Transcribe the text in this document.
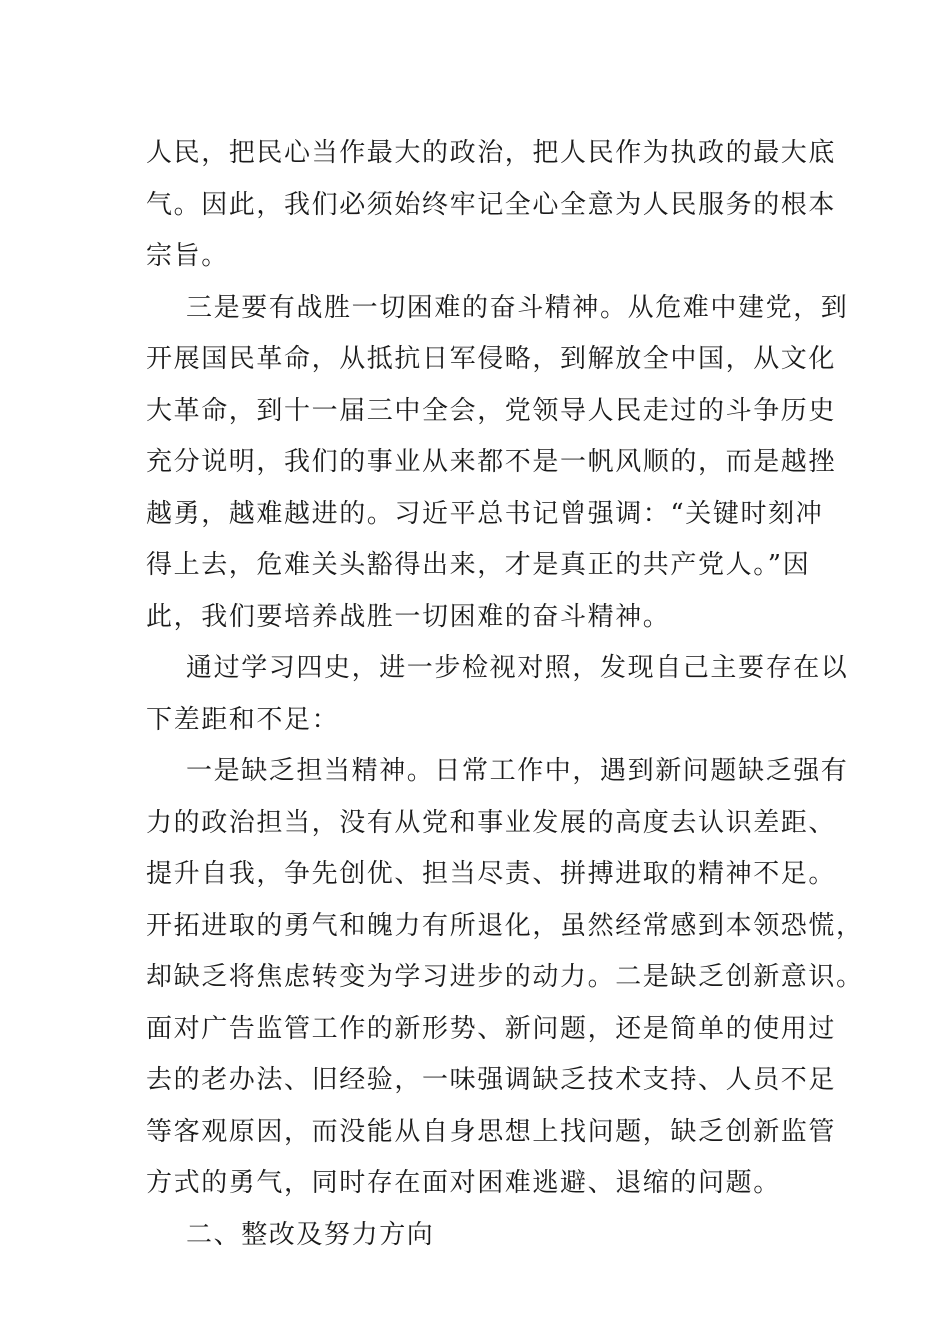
人民，把民心当作最大的政治，把人民作为执政的最大底
气。因此，我们必须始终牢记全心全意为人民服务的根本
宗旨。
三是要有战胜一切困难的奋斗精神。从危难中建党，到
开展国民革命，从抵抗日军侵略，到解放全中国，从文化
大革命，到十一届三中全会，党领导人民走过的斗争历史
充分说明，我们的事业从来都不是一帆风顺的，而是越挫
越勇，越难越进的。习近平总书记曾强调：“关键时刻冲
得上去，危难关头豁得出来，才是真正的共产党人。”因
此，我们要培养战胜一切困难的奋斗精神。
通过学习四史，进一步检视对照，发现自己主要存在以
下差距和不足：
一是缺乏担当精神。日常工作中，遇到新问题缺乏强有
力的政治担当，没有从党和事业发展的高度去认识差距、
提升自我，争先创优、担当尽责、拼搏进取的精神不足。
开拓进取的勇气和魄力有所退化，虽然经常感到本领恐慌，
却缺乏将焦虑转变为学习进步的动力。二是缺乏创新意识。
面对广告监管工作的新形势、新问题，还是简单的使用过
去的老办法、旧经验，一味强调缺乏技术支持、人员不足
等客观原因，而没能从自身思想上找问题，缺乏创新监管
方式的勇气，同时存在面对困难逃避、退缩的问题。
二、整改及努力方向
